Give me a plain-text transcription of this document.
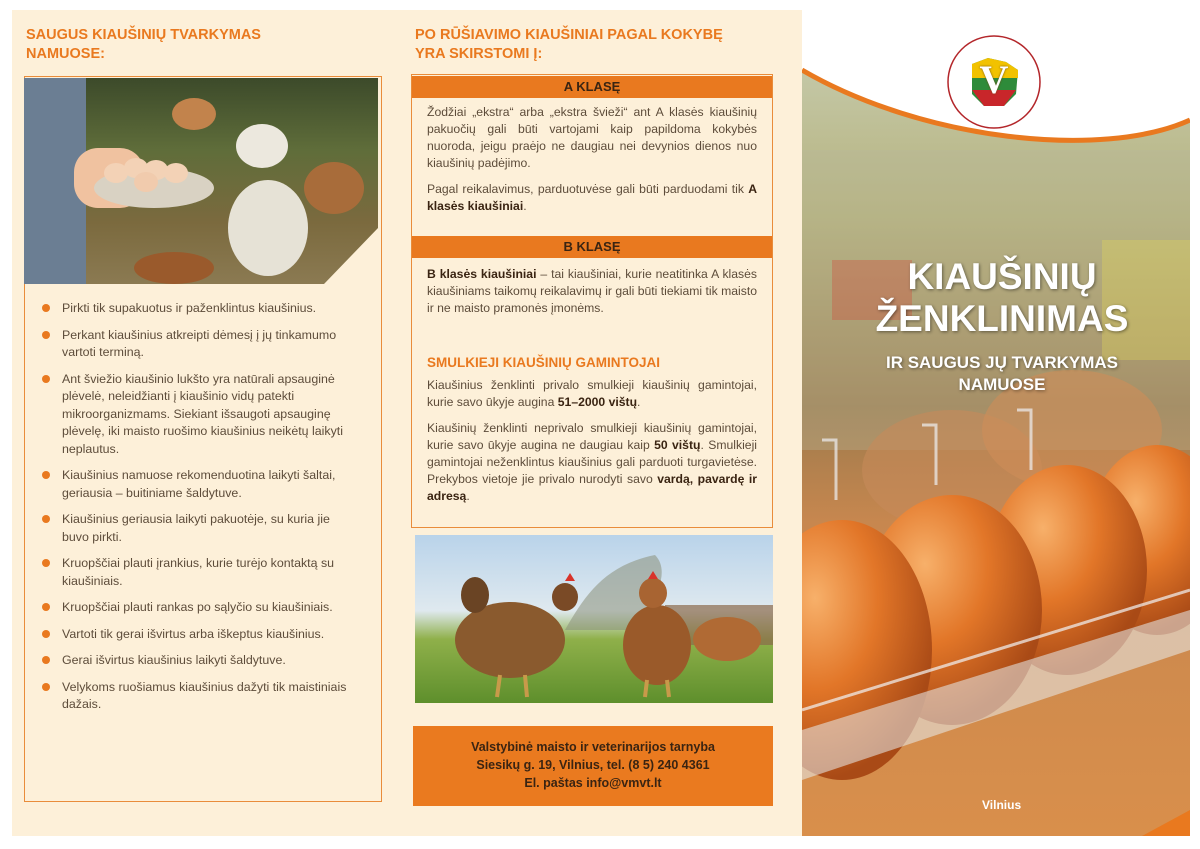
SAUGUS KIAUŠINIŲ TVARKYMAS NAMUOSE:
Pirkti tik supakuotus ir paženklintus kiaušinius.
Perkant kiaušinius atkreipti dėmesį į jų tinkamumo vartoti terminą.
Ant šviežio kiaušinio lukšto yra natūrali apsauginė plėvelė, neleidžianti į kiaušinio vidų patekti mikroorganizmams. Siekiant išsaugoti apsauginę plėvelę, iki maisto ruošimo kiaušinius neikėtų laikyti neplautus.
Kiaušinius namuose rekomenduotina laikyti šaltai, geriausia – buitiniame šaldytuve.
Kiaušinius geriausia laikyti pakuotėje, su kuria jie buvo pirkti.
Kruopščiai plauti įrankius, kurie turėjo kontaktą su kiaušiniais.
Kruopščiai plauti rankas po sąlyčio su kiaušiniais.
Vartoti tik gerai išvirtus arba iškeptus kiaušinius.
Gerai išvirtus kiaušinius laikyti šaldytuve.
Velykoms ruošiamus kiaušinius dažyti tik maistiniais dažais.
PO RŪŠIAVIMO KIAUŠINIAI PAGAL KOKYBĘ YRA SKIRSTOMI Į:
A KLASĘ

Žodžiai „ekstra“ arba „ekstra švieži“ ant A klasės kiaušinių pakuočių gali būti vartojami kaip papildoma kokybės nuoroda, jeigu praėjo ne daugiau nei devynios dienos nuo kiaušinių padėjimo.

Pagal reikalavimus, parduotuvėse gali būti parduodami tik A klasės kiaušiniai.

B KLASĘ

B klasės kiaušiniai – tai kiaušiniai, kurie neatitinka A klasės kiaušiniams taikomų reikalavimų ir gali būti tiekiami tik maisto ir ne maisto pramonės įmonėms.

SMULKIEJI KIAUŠINIŲ GAMINTOJAI

Kiaušinius ženklinti privalo smulkieji kiaušinių gamintojai, kurie savo ūkyje augina 51–2000 vištų.

Kiaušinių ženklinti neprivalo smulkieji kiaušinių gamintojai, kurie savo ūkyje augina ne daugiau kaip 50 vištų. Smulkieji gamintojai neženklintus kiaušinius gali parduoti turgavietėse. Prekybos vietoje jie privalo nurodyti savo vardą, pavardę ir adresą.

Valstybinė maisto ir veterinarijos tarnyba
Siesikų g. 19, Vilnius, tel. (8 5) 240 4361
El. paštas info@vmvt.lt
V
KIAUŠINIŲ
ŽENKLINIMAS
IR SAUGUS JŲ TVARKYMAS
NAMUOSE
Vilnius
